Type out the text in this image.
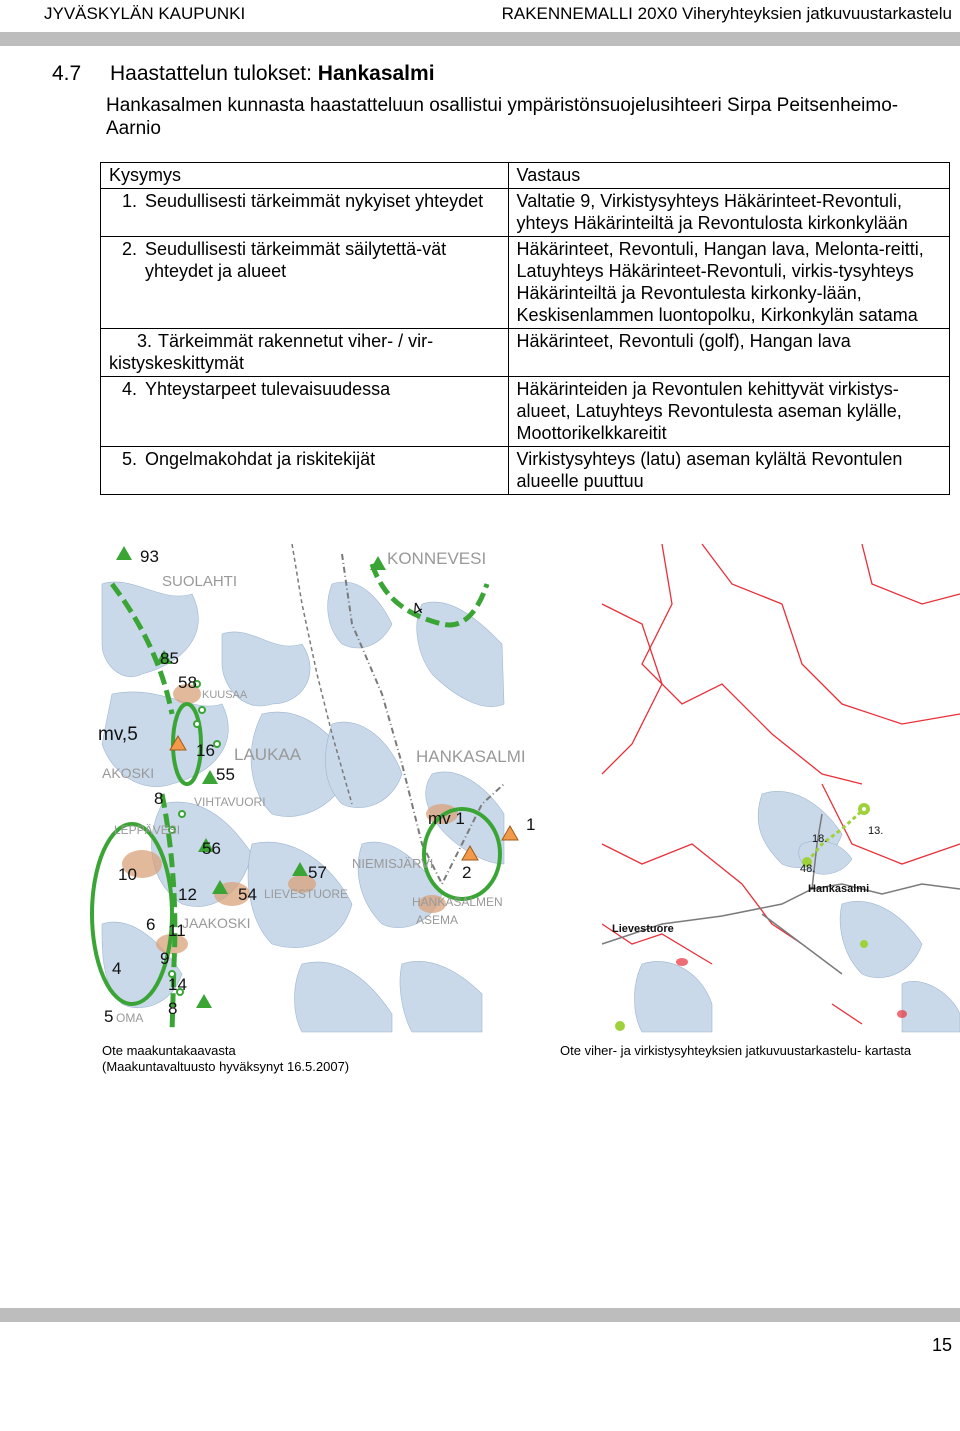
JYVÄSKYLÄN KAUPUNKI	RAKENNEMALLI 20X0 Viheryhteyksien jatkuvuustarkastelu
4.7 Haastattelun tulokset: Hankasalmi
Hankasalmen kunnasta haastatteluun osallistui ympäristönsuojelusihteeri Sirpa Peitsenheimo-Aarnio
Kysymys	Vastaus

1. Seudullisesti tärkeimmät nykyiset yhteydet	Valtatie 9, Virkistysyhteys Häkärinteet-Revontuli, yhteys Häkärinteiltä ja Revontulosta kirkonkylään

2. Seudullisesti tärkeimmät säilytettä-vät yhteydet ja alueet	Häkärinteet, Revontuli, Hangan lava, Melonta-reitti, Latuyhteys Häkärinteet-Revontuli, virkis-tysyhteys Häkärinteiltä ja Revontulesta kirkonky-lään, Keskisenlammen luontopolku, Kirkonkylän satama

3. Tärkeimmät rakennetut viher- / vir-kistyskeskittymät	Häkärinteet, Revontuli (golf), Hangan lava

4. Yhteystarpeet tulevaisuudessa	Häkärinteiden ja Revontulen kehittyvät virkistys-alueet, Latuyhteys Revontulesta aseman kylälle, Moottorikelkkareitit

5. Ongelmakohdat ja riskitekijät	Virkistysyhteys (latu) aseman kylältä Revontulen alueelle puuttuu
93
SUOLAHTI
KONNEVESI
4
85
58
KUUSAA
mv,5
16 LAUKAA	HANKASALMI
AKOSKI	55
VIHTAVUORI
8
mv 1	1
LEPPÄVESI
56
57 NIEMISJÄRVI 2
10
12 54 LIEVESTUORE
HANKASALMEN
ASEMA
6 JAAKOSKI
11
9
4
14
8
5 OMA
18.
13.
48.
Hankasalmi
Lievestuore
Ote maakuntakaavasta
(Maakuntavaltuusto hyväksynyt 16.5.2007)
Ote viher- ja virkistysyhteyksien jatkuvuustarkastelu- kartasta
15
